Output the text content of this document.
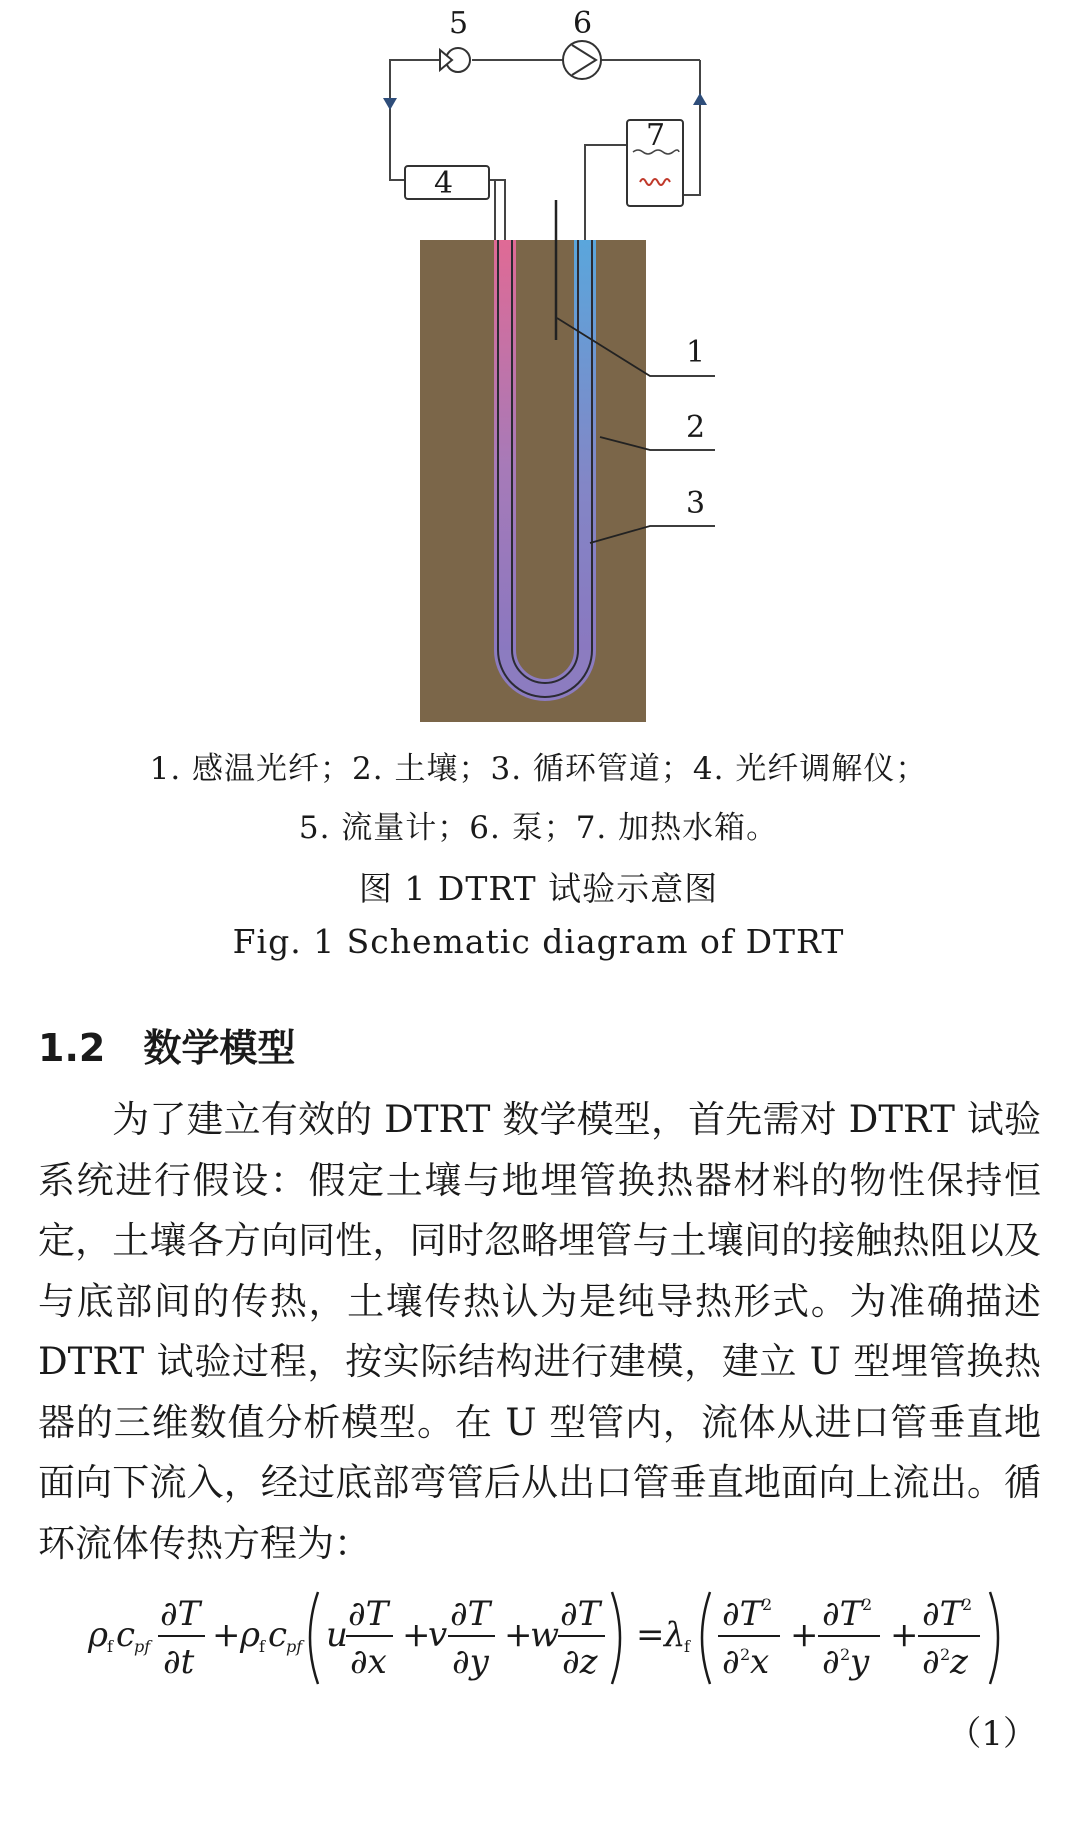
1
2
3
4
5	6
7
1. 感温光纤；2. 土壤；3. 循环管道；4. 光纤调解仪；
5. 流量计；6. 泵；7. 加热水箱。
图 1 DTRT 试验示意图
Fig. 1 Schematic diagram of DTRT
1.2 数学模型
为了建立有效的 DTRT 数学模型，首先需对 DTRT 试验系统进行假设：假定土壤与地埋管换热器材料的物性保持恒定，土壤各方向同性，同时忽略埋管与土壤间的接触热阻以及与底部间的传热，土壤传热认为是纯导热形式。为准确描述 DTRT 试验过程，按实际结构进行建模，建立 U 型埋管换热器的三维数值分析模型。在 U 型管内，流体从进口管垂直地面向下流入，经过底部弯管后从出口管垂直地面向上流出。循环流体传热方程为：
ρ f c
pf
∂T
∂t
+ ρ f c
pf u
∂T
∂x
+
v
∂T
∂y
+
w
∂T
∂z
= λ
f
∂T 2
∂ 2 x
+
∂T 2
∂ 2 y
+
∂T 2
∂ 2 z
（1）
